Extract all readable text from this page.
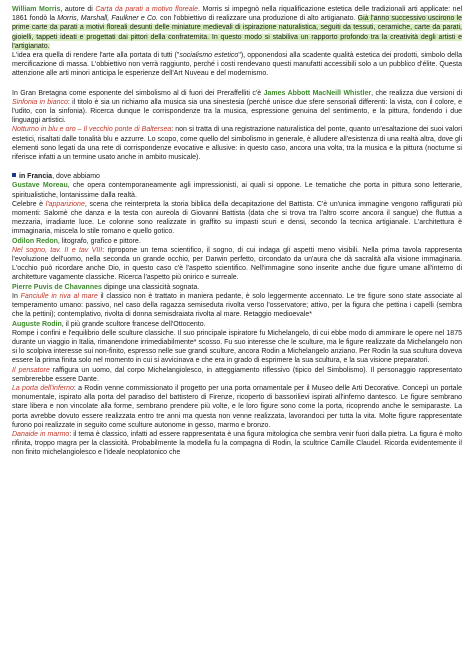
William Morris, autore di Carta da parati a motivo floreale. Morris si impegnò nella riqualificazione estetica delle tradizionali arti applicate: nel 1861 fondò la Morris, Marshall, Faulkner e Co. con l'obbiettivo di realizzare una produzione di alto artigianato. Già l'anno successivo uscirono le prime carte da parati a motivi floreali desunti delle miniature medievali di ispirazione naturalistica, seguiti da tessuti, ceramiche, carte da parati, gioielli, tappeti ideati e progettati dai pittori della confraternita. In questo modo si stabiliva un rapporto profondo tra la creatività degli artisti e l'artigianato.
L'idea era quella di rendere l'arte alla portata di tutti ("socialismo estetico"), opponendosi alla scadente qualità estetica dei prodotti, simbolo della mercificazione di massa. L'obbiettivo non verrà raggiunto, perché i costi rendevano questi manufatti accessibili solo a un pubblico d'élite. Questa attenzione alle arti minori anticipa le esperienze dell'Art Nuveau e del modernismo.

In Gran Bretagna come esponente del simbolismo al di fuori dei Preraffelliti c'è James Abbott MacNeill Whistler, che realizza due versioni di Sinfonia in bianco: il titolo è sia un richiamo alla musica sia una sinestesia (perché unisce due sfere sensoriali differenti: la vista, con il colore, e l'udito, con la sinfonia). Ricerca dunque le corrispondenze tra la musica, espressione genuina del sentimento, e la pittura, fondendo i due linguaggi artistici.
Notturno in blu e oro – Il vecchio ponte di Baltersea: non si tratta di una registrazione naturalistica del ponte, quanto un'esaltazione dei suoi valori estetici, risaltati dalle tonalità blu e azzurre. Lo scopo, come quello del simbolismo in generale, è alludere all'esistenza di una realtà altra, dove gli elementi sono legati da una rete di corrispondenze evocative e allusive: in questo caso, ancora una volta, tra la musica e la pittura (nocturne si riferisce infatti a un termine usato anche in ambito musicale).

in Francia, dove abbiamo

Gustave Moreau, che opera contemporaneamente agli impressionisti, ai quali si oppone. Le tematiche che porta in pittura sono letterarie, spiritualistiche, lontanissime dalla realtà.
Celebre è l'apparizione, scena che reinterpreta la storia biblica della decapitazione del Battista. C'è un'unica immagine vengono raffigurati più momenti: Salomè che danza e la testa con aureola di Giovanni Battista (data che si trova tra l'altro scorre ancora il sangue) che fluttua a mezzaria, irradiante luce. Le colonne sono realizzate in graffito su impasti scuri e densi, secondo la tecnica artigianale. L'architettura è immaginaria, miscela lo stile romano e quello gotico.

Odilon Redon, litografo, grafico e pittore.
Nel sogno, tav. II e tav VIII: ripropone un tema scientifico, il sogno, di cui indaga gli aspetti meno visibili. Nella prima tavola rappresenta l'evoluzione dell'uomo, nella seconda un grande occhio, per Darwin perfetto, circondato da un'aura che dà sacralità alla visione immaginaria. L'occhio può ricordare anche Dio, in questo caso c'è l'aspetto scientifico. Nell'immagine sono inserite anche due figure umane all'interno di architetture vagamente classiche. Ricerca l'aspetto più onirico e surreale.

Pierre Puvis de Chavannes dipinge una classicità sognata.
In Fanciulle in riva al mare il classico non è trattato in maniera pedante, è solo leggermente accennato. Le tre figure sono state associate al temperamento umano: passivo, nel caso della ragazza semiseduta rivolta verso l'osservatore; attivo, per la figura che pettina i capelli (sembra che la pettini); contemplativo, rivolta di donna semisdraiata rivolta al mare. Retaggio medioevale*

Auguste Rodin, il più grande scultore francese dell'Ottocento.
Rompe i confini e l'equilibrio delle sculture classiche. Il suo principale ispiratore fu Michelangelo, di cui ebbe modo di ammirare le opere nel 1875 durante un viaggio in Italia, rimanendone irrimediabilmente* scosso. Fu suo interesse che le sculture, ma le figure realizzate da Michelangelo non si lo scolpiva interesse sui non-finito, espresso nelle sue grandi sculture, ancora Rodin a Michelangelo anziano. Per Rodin la sua scultura doveva essere la prima finita solo nel momento in cui si avvicinava e che era in grado di esprimere la sua scultura, e la sua visione preparatori.
Il pensatore raffigura un uomo, dal corpo Michelangiolesco, in atteggiamento riflessivo (tipico del Simbolismo). Il personaggio rappresentato sembrerebbe essere Dante.
La porta dell'inferno: a Rodin venne commissionato il progetto per una porta ornamentale per il Museo delle Arti Decorative. Concepì un portale monumentale, ispirato alla porta del paradiso del battistero di Firenze, ricoperto di bassorilievi ispirati all'inferno dantesco. Le figure sembrano stare libera e non vincolate alla forme, sembrano prendere più volte, e le loro figure sono come la porta, ricoprendo anche le semiparaste. La porta avrebbe dovuto essere realizzata entro tre anni ma questa non venne realizzata, lavorandoci per tutta la vita. Molte figure rappresentate furono poi realizzate in seguito come sculture autonome in gesso, marmo e bronzo.
Danaide in marmo: il tema è classico, infatti ad essere rappresentata è una figura mitologica che sembra venir fuori dalla pietra. La figura è molto rifinita, troppo magra per la classicità. Probabilmente la modella fu la compagna di Rodin, la scultrice Camille Claudel. Ricorda evidentemente il non finito michelangiolesco e l'ideale neoplatonico che
